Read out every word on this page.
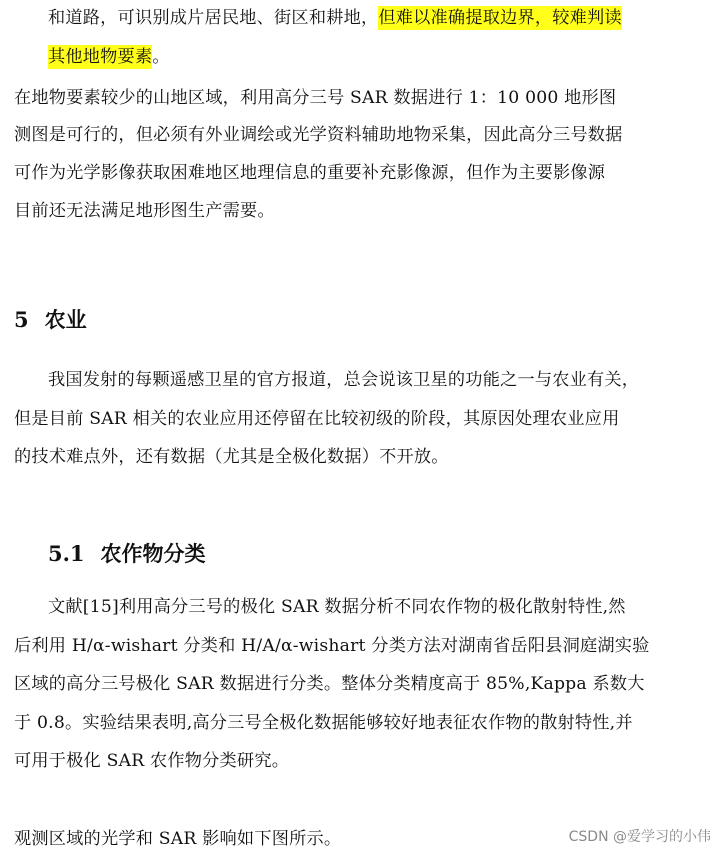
和道路，可识别成片居民地、街区和耕地，但难以准确提取边界，较难判读
其他地物要素。
在地物要素较少的山地区域，利用高分三号 SAR 数据进行 1：10 000 地形图
测图是可行的，但必须有外业调绘或光学资料辅助地物采集，因此高分三号数据
可作为光学影像获取困难地区地理信息的重要补充影像源，但作为主要影像源
目前还无法满足地形图生产需要。
5 农业
我国发射的每颗遥感卫星的官方报道，总会说该卫星的功能之一与农业有关，
但是目前 SAR 相关的农业应用还停留在比较初级的阶段，其原因处理农业应用
的技术难点外，还有数据（尤其是全极化数据）不开放。
5.1 农作物分类
文献[15]利用高分三号的极化 SAR 数据分析不同农作物的极化散射特性,然
后利用 H/α-wishart 分类和 H/A/α-wishart 分类方法对湖南省岳阳县洞庭湖实验
区域的高分三号极化 SAR 数据进行分类。整体分类精度高于 85%,Kappa 系数大
于 0.8。实验结果表明,高分三号全极化数据能够较好地表征农作物的散射特性,并
可用于极化 SAR 农作物分类研究。
观测区域的光学和 SAR 影响如下图所示。	CSDN @爱学习的小伟
